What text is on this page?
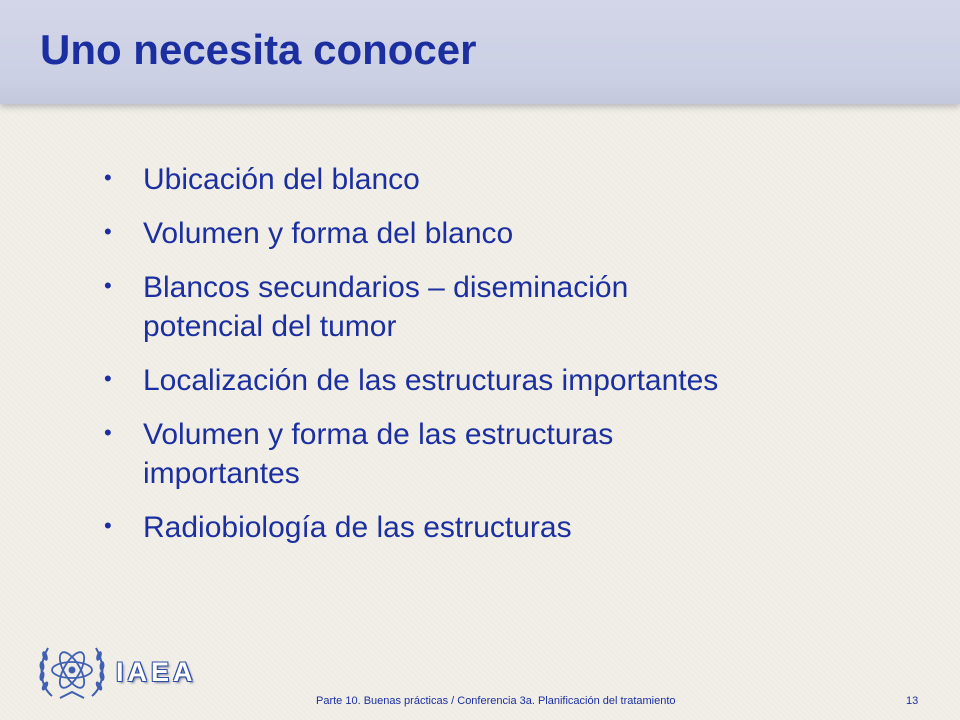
Uno necesita conocer
• Ubicación del blanco
• Volumen y forma del blanco
• Blancos secundarios – diseminación
potencial del tumor
• Localización de las estructuras importantes
• Volumen y forma de las estructuras
importantes
• Radiobiología de las estructuras
IAEA
Parte 10. Buenas prácticas / Conferencia 3a. Planificación del tratamiento	13
